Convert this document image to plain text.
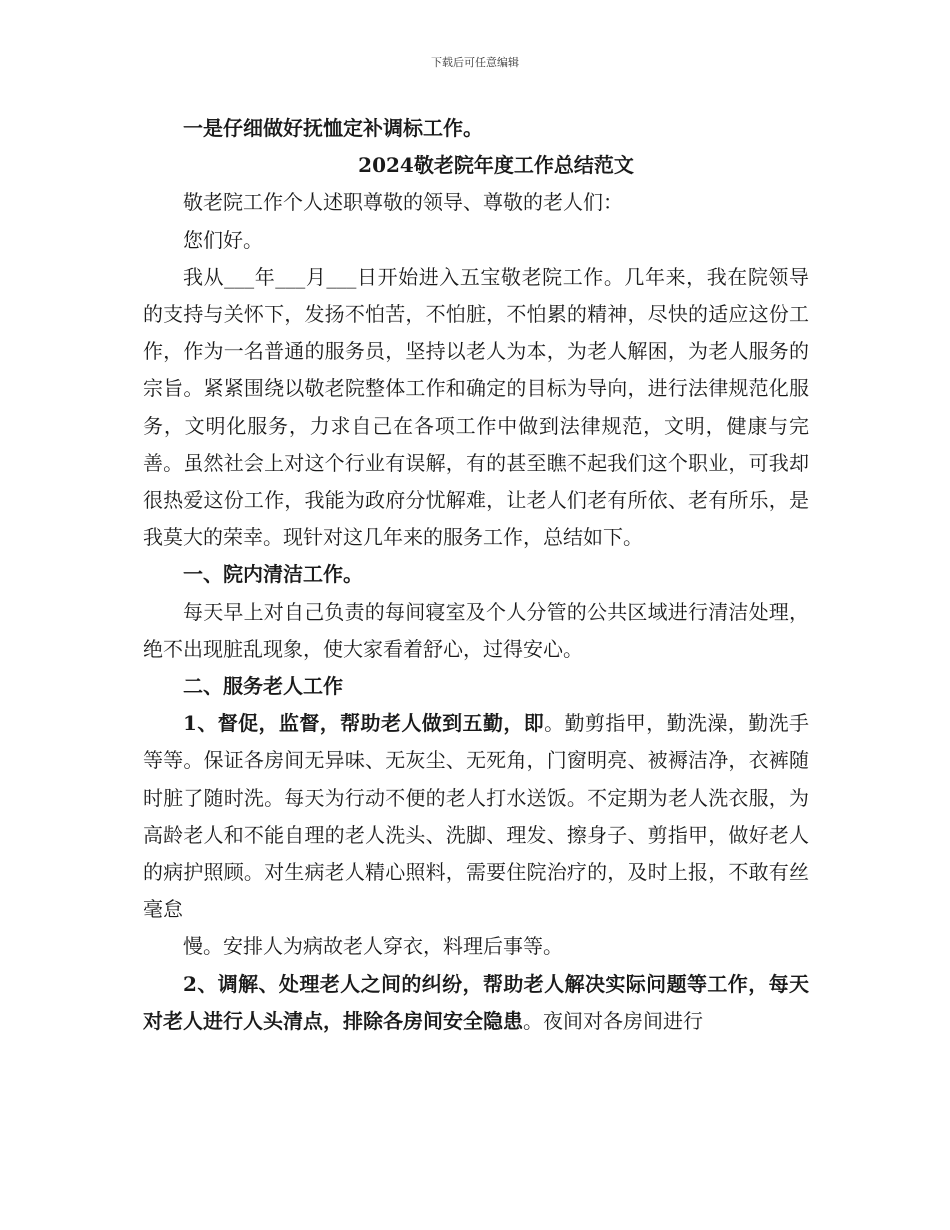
下载后可任意编辑

一是仔细做好抚恤定补调标工作。

2024敬老院年度工作总结范文

敬老院工作个人述职尊敬的领导、尊敬的老人们：

您们好。

我从___年___月___日开始进入五宝敬老院工作。几年来，我在院领导的支持与关怀下，发扬不怕苦，不怕脏，不怕累的精神，尽快的适应这份工作，作为一名普通的服务员，坚持以老人为本，为老人解困，为老人服务的宗旨。紧紧围绕以敬老院整体工作和确定的目标为导向，进行法律规范化服务，文明化服务，力求自己在各项工作中做到法律规范，文明，健康与完善。虽然社会上对这个行业有误解，有的甚至瞧不起我们这个职业，可我却很热爱这份工作，我能为政府分忧解难，让老人们老有所依、老有所乐，是我莫大的荣幸。现针对这几年来的服务工作，总结如下。

一、院内清洁工作。

每天早上对自己负责的每间寝室及个人分管的公共区域进行清洁处理，绝不出现脏乱现象，使大家看着舒心，过得安心。

二、服务老人工作

1、督促，监督，帮助老人做到五勤，即。勤剪指甲，勤洗澡，勤洗手等等。保证各房间无异味、无灰尘、无死角，门窗明亮、被褥洁净，衣裤随时脏了随时洗。每天为行动不便的老人打水送饭。不定期为老人洗衣服，为高龄老人和不能自理的老人洗头、洗脚、理发、擦身子、剪指甲，做好老人的病护照顾。对生病老人精心照料，需要住院治疗的，及时上报，不敢有丝毫怠

慢。安排人为病故老人穿衣，料理后事等。

2、调解、处理老人之间的纠纷，帮助老人解决实际问题等工作，每天对老人进行人头清点，排除各房间安全隐患。夜间对各房间进行
